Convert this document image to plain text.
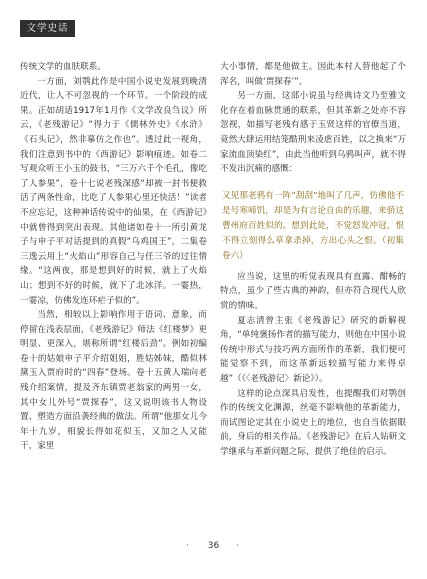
文学史话

传统文学的血肤联系。

一方面，刘鹗此作是中国小说史发展到晚清近代，让人不可忽视的一个环节。一个阶段的成果。正如胡适1917年1月作《文学改良刍议》所云，《老残游记》“得力于《儒林外史》《水浒》《石头记》，然非摹仿之作也”。透过此一视角，我们注意到书中的《西游记》影响痕迹。如卷二写观众听王小玉的鼓书，“三万六千个毛孔，像吃了人参果”，卷十七说老残深感“却被一封书便救活了两条性命，比吃了人参果心里还快活！”读者不应忘记，这种神话传说中的仙果，在《西游记》中就曾得到突出表现。其他诸如卷十一所引黄龙子与申子平对话提到的真假“乌鸡国王”，二集卷三逸云用上“火焰山”形容自己与任三爷的过往情缘。“这两夜，那是想到好的时候，就上了火焰山；想到不好的时候，就下了北冰洋。一霎热，一霎凉，仿佛发连环疟子似的”。

当然，相较以上影响作用于语词、意象，而停留在浅表层面，《老残游记》师法《红楼梦》更明显、更深入，堪称所谓“红楼后劲”。例如初编卷十的姑娘申子平介绍姐姐，胜姑姊妹，酷似林黛玉入贾府时的“四春”登场。卷十五黄人瑞向老残介绍案情，提及齐东镇贾老翁家的两男一女，其中女儿外号“贾探春”，这又说明该书人物设置、塑造方面沿袭经典的做法。所谓“他那女儿今年十九岁，相貌长得如花似玉，又加之人又能干，家里

大小事情，都是他做主。因此本村人替他起了个浑名，叫做‘贾探春’”。

另一方面，这部小说虽与经典诗文乃至雅文化存在着血脉贯通的联系，但其革新之处亦不容忽视，如描写老残有感于玉贤这样的官僚当道，竟然大肆运用结笼酷刑来凌虐百姓，以之换来“万家流血顶染红”，由此当他听到乌鸦叫声，就不得不发出沉痛的感慨：

又见那老鸦有一阵“刮刮”地叫了几声，仿佛他不是号寒啼饥，却是为有言论自由的乐趣，来骄这曹州府百姓似的。想到此处，不觉怒发冲冠，恨不得立刻得么草拿杀掉，方出心头之恨。（初集卷六）

应当说，这里的听觉表现具有直露、酣畅的特点，虽少了些古典的神韵，但亦符合现代人欣赏的情味。

夏志清曾主张《老残游记》研究的新解视角，“单纯褒扬作者的描写能力，则他在中国小说传统中形式与技巧两方面所作的革新，我们便可能觉察不到，而这革新远较描写能力来得卓越”（《〈老残游记〉新论》）。

这样的论点深具启发性，也提醒我们对鹗创作的传统文化渊源，丝毫不影响他的革新能力，而试图论定其在小说史上的地位，也自当依据眼前，身后的相关作品。《老残游记》在后人钻研文学继承与革新问题之际，提供了绝佳的启示。

·	36	·
